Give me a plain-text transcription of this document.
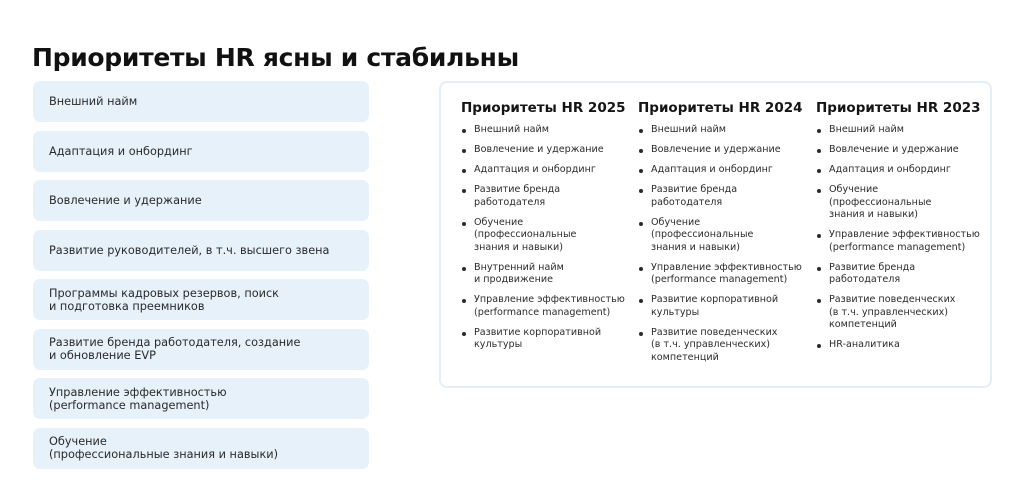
Приоритеты HR ясны и стабильны
Внешний найм
Адаптация и онбординг
Вовлечение и удержание
Развитие руководителей, в т.ч. высшего звена
Программы кадровых резервов, поиск
и подготовка преемников
Развитие бренда работодателя, создание
и обновление EVP
Управление эффективностью
(performance management)
Обучение
(профессиональные знания и навыки)
Приоритеты HR 2025
Внешний найм
Вовлечение и удержание
Адаптация и онбординг
Развитие бренда
работодателя
Обучение
(профессиональные
знания и навыки)
Внутренний найм
и продвижение
Управление эффективностью
(performance management)
Развитие корпоративной
культуры
Приоритеты HR 2024
Внешний найм
Вовлечение и удержание
Адаптация и онбординг
Развитие бренда
работодателя
Обучение
(профессиональные
знания и навыки)
Управление эффективностью
(performance management)
Развитие корпоративной
культуры
Развитие поведенческих
(в т.ч. управленческих)
компетенций
Приоритеты HR 2023
Внешний найм
Вовлечение и удержание
Адаптация и онбординг
Обучение
(профессиональные
знания и навыки)
Управление эффективностью
(performance management)
Развитие бренда
работодателя
Развитие поведенческих
(в т.ч. управленческих)
компетенций
HR-аналитика
